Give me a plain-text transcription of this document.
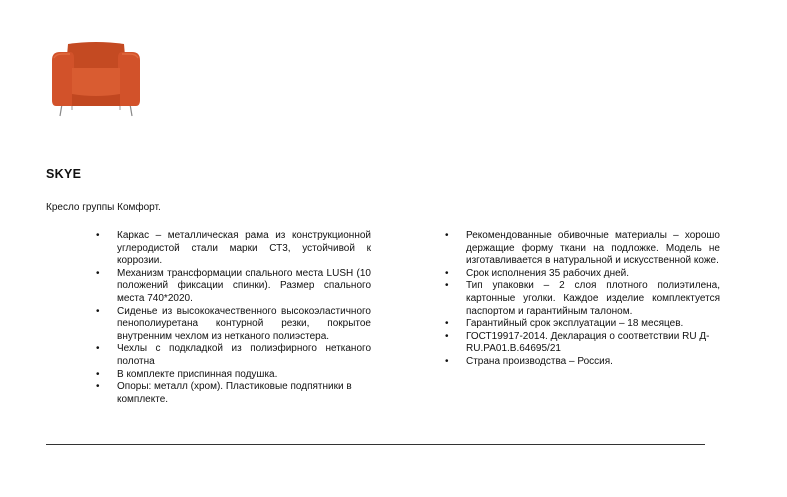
SKYE
Кресло группы Комфорт.
• Каркас – металлическая рама из конструкционной углеродистой стали марки СТ3, устойчивой к коррозии.
• Механизм трансформации спального места LUSH (10 положений фиксации спинки). Размер спального места 740*2020.
• Сиденье из высококачественного высокоэластичного пенополиуретана контурной резки, покрытое внутренним чехлом из нетканого полиэстера.
• Чехлы с подкладкой из полиэфирного нетканого полотна
• В комплекте приспинная подушка.
• Опоры: металл (хром). Пластиковые подпятники в комплекте.
• Рекомендованные обивочные материалы – хорошо держащие форму ткани на подложке. Модель не изготавливается в натуральной и искусственной коже.
• Срок исполнения 35 рабочих дней.
• Тип упаковки – 2 слоя плотного полиэтилена, картонные уголки. Каждое изделие комплектуется паспортом и гарантийным талоном.
• Гарантийный срок эксплуатации – 18 месяцев.
• ГОСТ19917-2014. Декларация о соответствии RU Д-RU.РА01.В.64695/21
• Страна производства – Россия.
